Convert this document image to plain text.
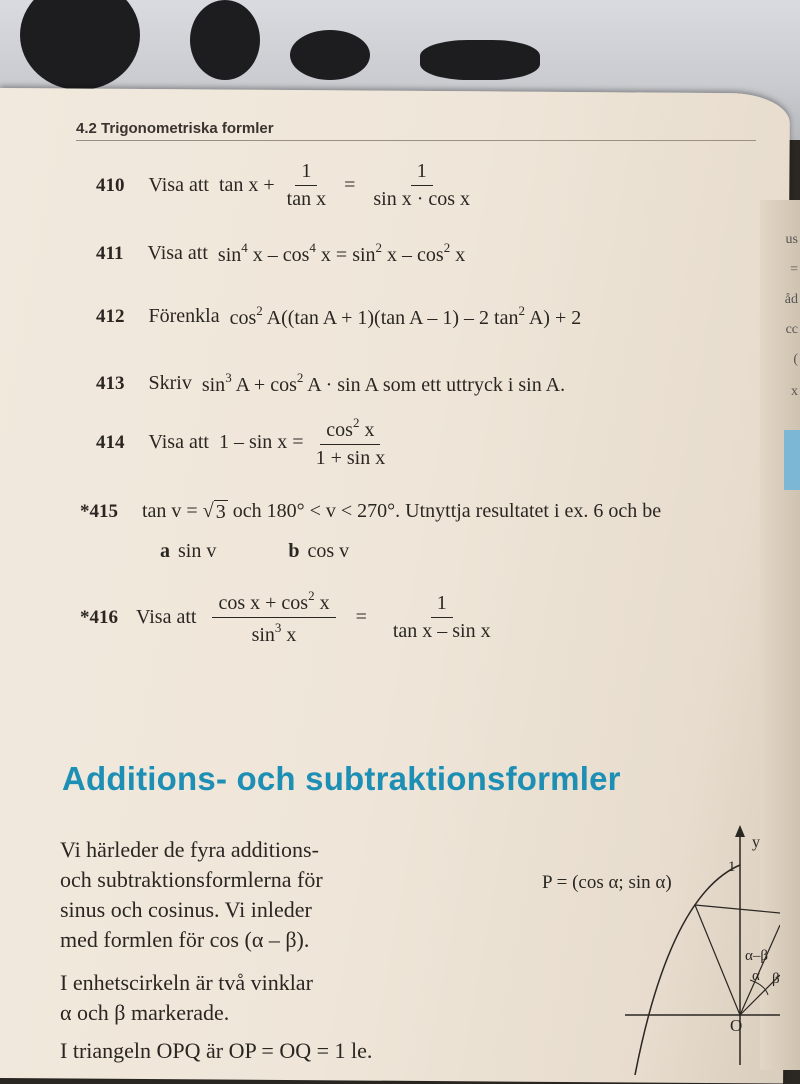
us
=
åd
cc
(
x
4.2 Trigonometriska formler
410 Visa att $\tan x + \frac{1}{\text{tan x}} = \frac{1}{\text{sin x · cos x}}$
411 Visa att $\sin^4 x - \cos^4 x = \sin^2 x - \cos^2 x$
412 Förenkla $\cos^2 A((\tan$ A + 1)(tan A – 1) – 2 $\tan^2 A) + 2$
413 Skriv $\sin^3 A + \cos^2 A \cdot \sin A$ som ett uttryck i sin A.
414 Visa att $1 - \sin x = \frac{\cos^2 x}{\text{1 + sin x}}$
*415 tan v = √ 3 och 180° < v < 270°. Utnyttja resultatet i ex. 6 och be
a sin v	b cos v
*416 Visa att $\frac{\cos x + \cos^2 x}{\sin^3 x} = \frac{1}{\text{tan x – sin x}}$
Additions- och subtraktionsformler
Vi härleder de fyra additions-
och subtraktionsformlerna för
sinus och cosinus. Vi inleder
med formlen för cos (α – β).
I enhetscirkeln är två vinklar
α och β markerade.
I triangeln OPQ är OP = OQ = 1 le.
P = (cos α; sin α)
y
1
O
α–β
α β
